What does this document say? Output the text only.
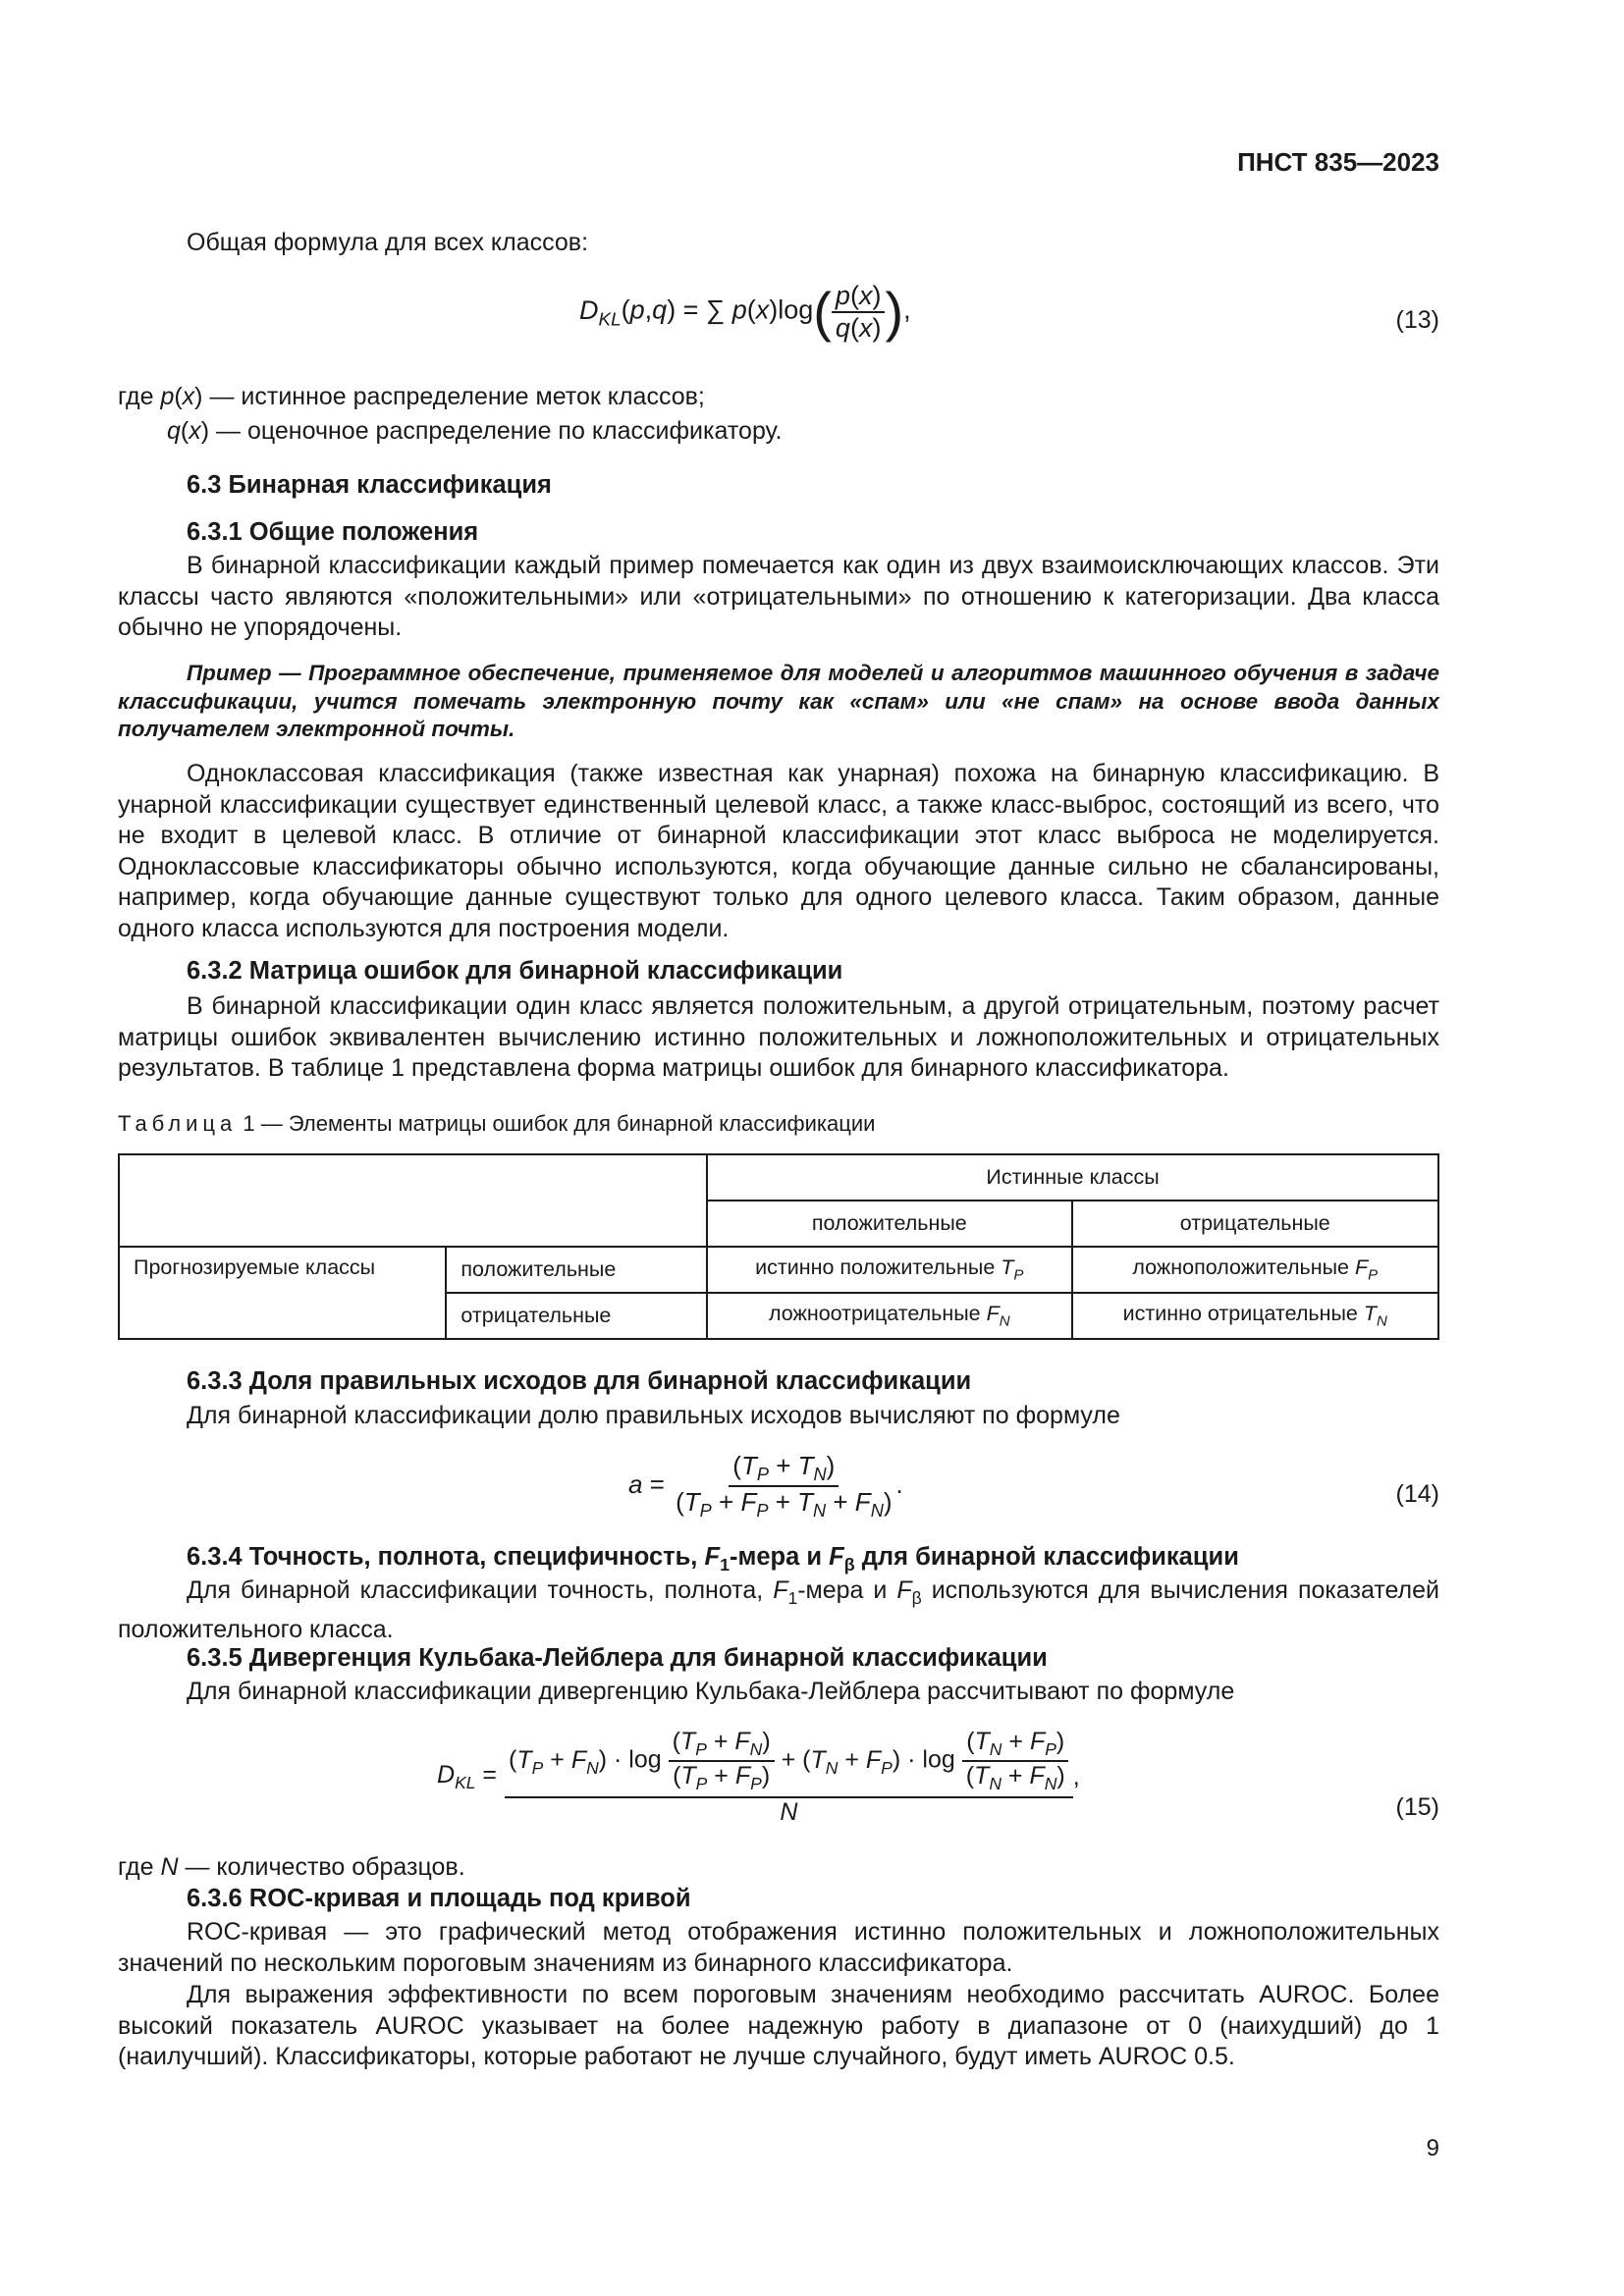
ПНСТ 835—2023

Общая формула для всех классов:

$D_{KL}(p,q)$ = ∑ $p(x)\log( \frac{p(x)}{q(x)}$ ),	(13)
где p(x) — истинное распределение меток классов;
q(x) — оценочное распределение по классификатору.
6.3 Бинарная классификация
6.3.1 Общие положения

В бинарной классификации каждый пример помечается как один из двух взаимоисключающих классов. Эти классы часто являются «положительными» или «отрицательными» по отношению к категоризации. Два класса обычно не упорядочены.

Пример — Программное обеспечение, применяемое для моделей и алгоритмов машинного обучения в задаче классификации, учится помечать электронную почту как «спам» или «не спам» на основе ввода данных получателем электронной почты.

Одноклассовая классификация (также известная как унарная) похожа на бинарную классификацию. В унарной классификации существует единственный целевой класс, а также класс-выброс, состоящий из всего, что не входит в целевой класс. В отличие от бинарной классификации этот класс выброса не моделируется. Одноклассовые классификаторы обычно используются, когда обучающие данные сильно не сбалансированы, например, когда обучающие данные существуют только для одного целевого класса. Таким образом, данные одного класса используются для построения модели.

6.3.2 Матрица ошибок для бинарной классификации

В бинарной классификации один класс является положительным, а другой отрицательным, поэтому расчет матрицы ошибок эквивалентен вычислению истинно положительных и ложноположительных и отрицательных результатов. В таблице 1 представлена форма матрицы ошибок для бинарного классификатора.

Таблица 1 — Элементы матрицы ошибок для бинарной классификации
		Истинные классы	
		положительные	отрицательные
Прогнозируемые классы	положительные	истинно положительные $T_P$	ложноположительные $F_P$
	отрицательные	ложноотрицательные $F_N$	истинно отрицательные $T_N$
6.3.3 Доля правильных исходов для бинарной классификации

Для бинарной классификации долю правильных исходов вычисляют по формуле

$a = \frac{(T_P + T_N)}{(T_P + F_P + T_N + F_N)}$ .	(14)
6.3.4 Точность, полнота, специфичность, $F_1$-мера и $F_\beta$ для бинарной классификации

Для бинарной классификации точность, полнота, $F_1$-мера и $F_\beta$ используются для вычисления показателей положительного класса.

6.3.5 Дивергенция Кульбака-Лейблера для бинарной классификации

Для бинарной классификации дивергенцию Кульбака-Лейблера рассчитывают по формуле

$D_{KL}$ =
$(T_P + F_N) \cdot \log \frac{(T_P + F_N)}{(T_P + F_P)} + (T_N + F_P) \cdot \log \frac{(T_N + F_P)}{(T_N + F_N)}$
N
,
(15)
где N — количество образцов.
6.3.6 ROC-кривая и площадь под кривой

ROC-кривая — это графический метод отображения истинно положительных и ложноположительных значений по нескольким пороговым значениям из бинарного классификатора.

Для выражения эффективности по всем пороговым значениям необходимо рассчитать AUROC. Более высокий показатель AUROC указывает на более надежную работу в диапазоне от 0 (наихудший) до 1 (наилучший). Классификаторы, которые работают не лучше случайного, будут иметь AUROC 0.5.

9
